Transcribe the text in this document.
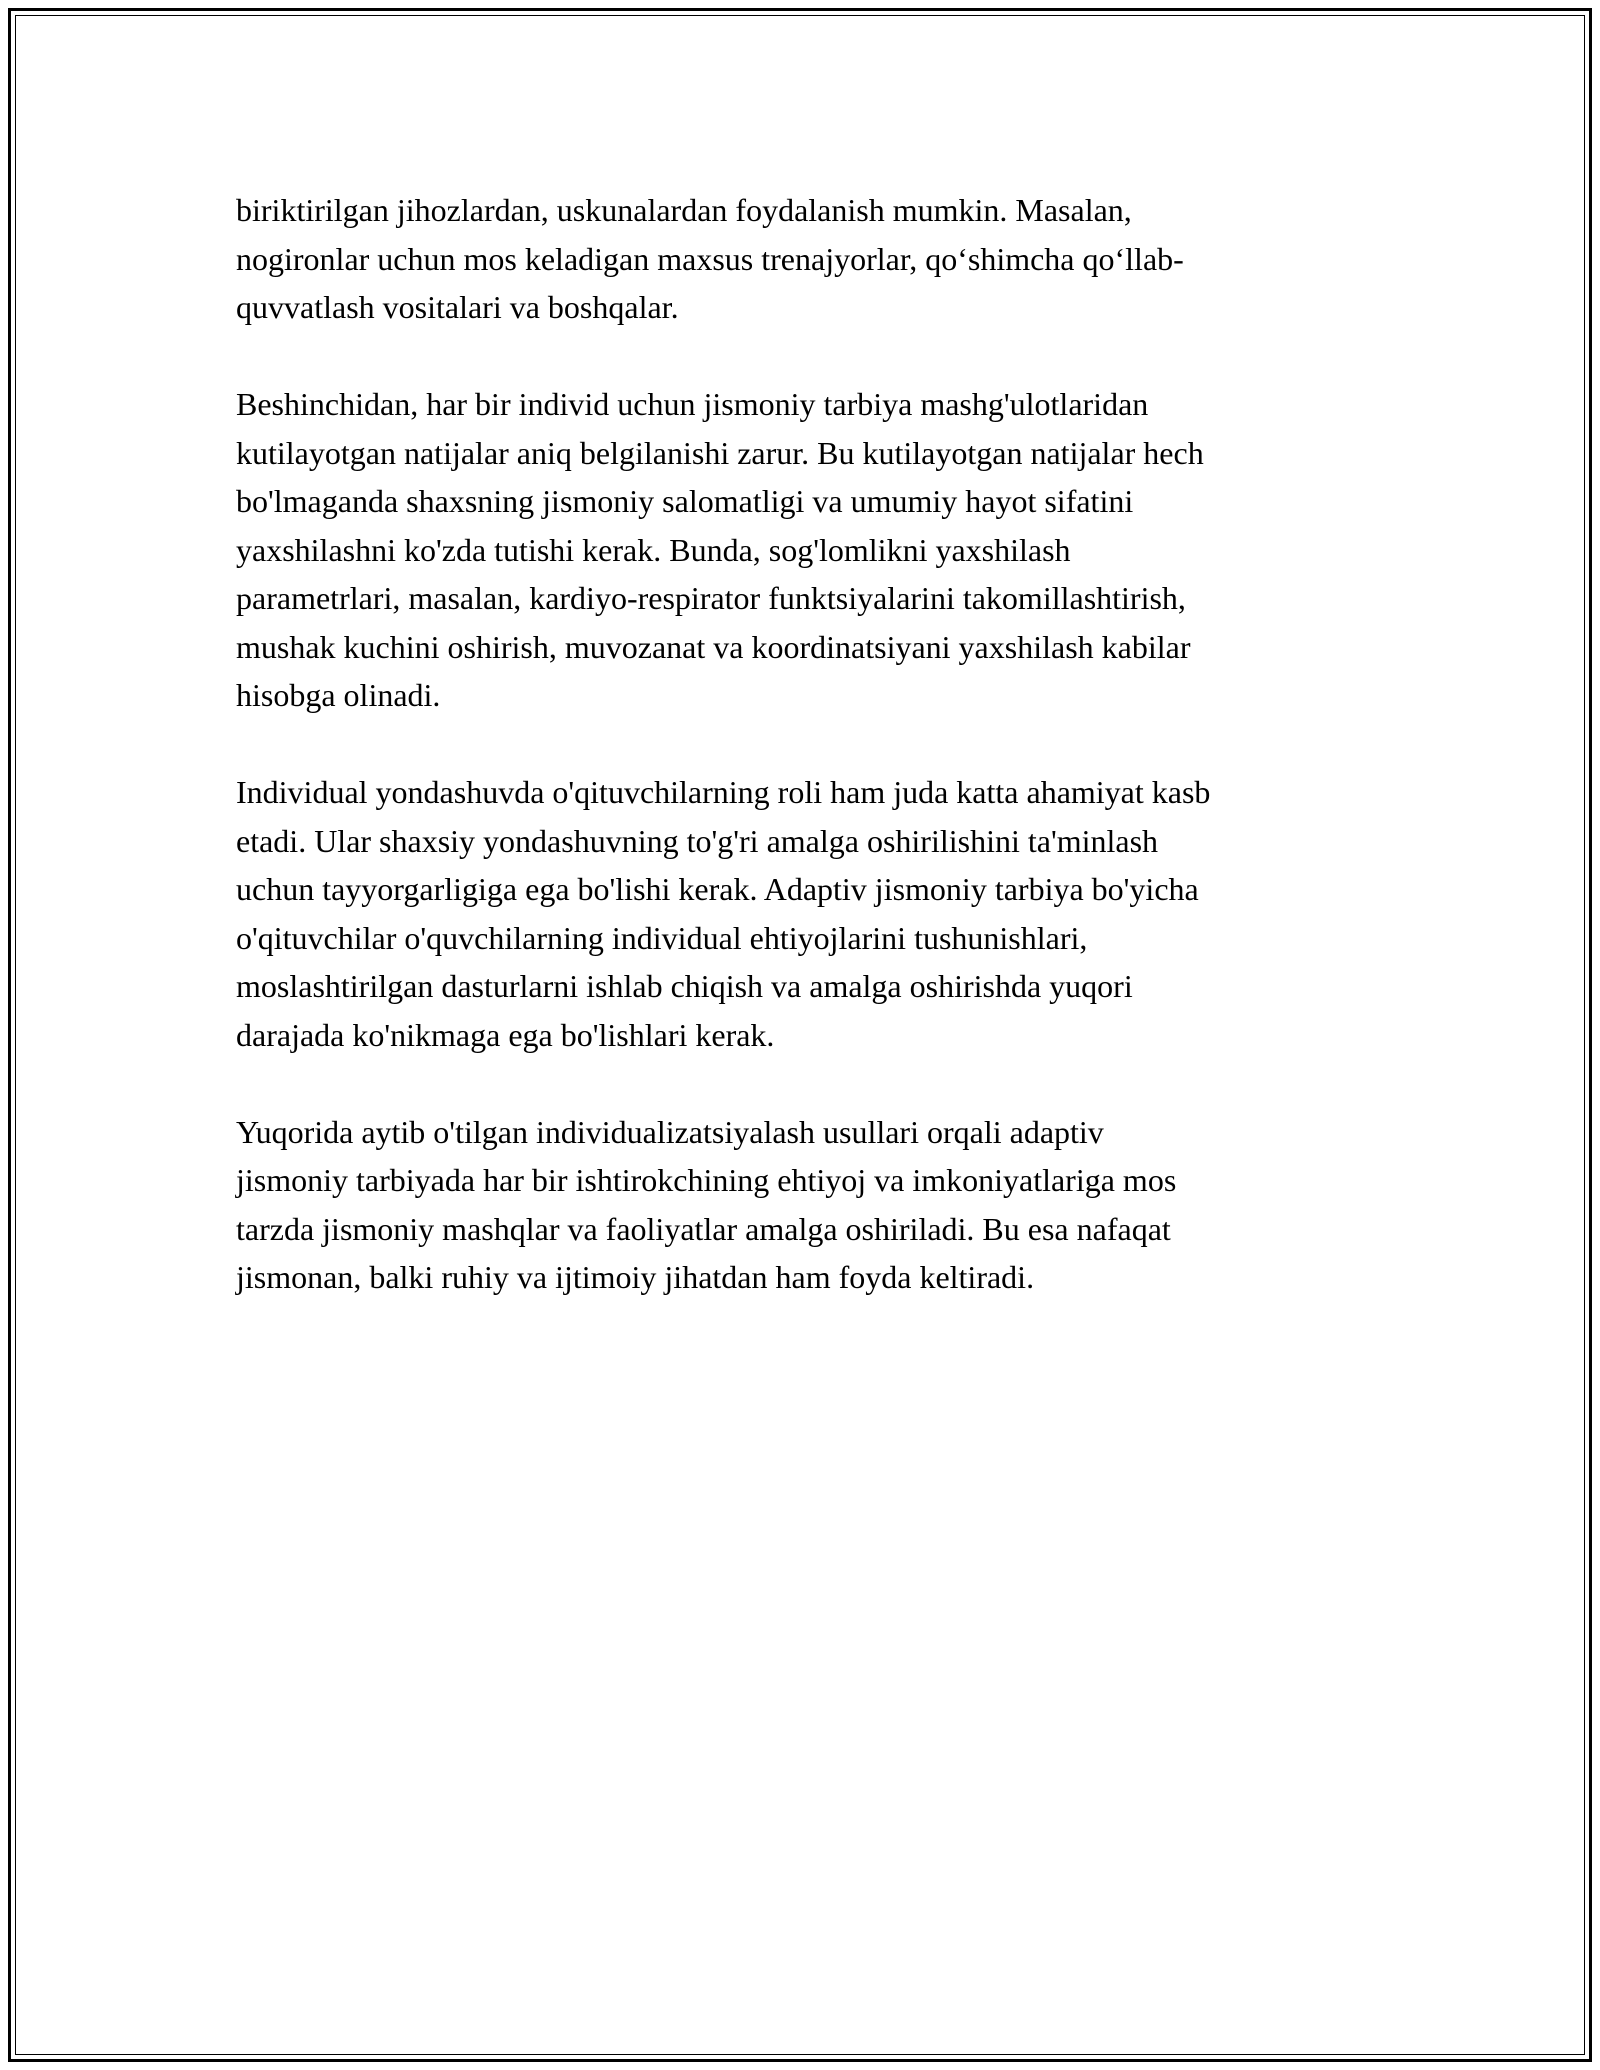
biriktirilgan jihozlardan, uskunalardan foydalanish mumkin. Masalan,
nogironlar uchun mos keladigan maxsus trenajyorlar, qo‘shimcha qo‘llab-
quvvatlash vositalari va boshqalar.

Beshinchidan, har bir individ uchun jismoniy tarbiya mashg'ulotlaridan
kutilayotgan natijalar aniq belgilanishi zarur. Bu kutilayotgan natijalar hech
bo'lmaganda shaxsning jismoniy salomatligi va umumiy hayot sifatini
yaxshilashni ko'zda tutishi kerak. Bunda, sog'lomlikni yaxshilash
parametrlari, masalan, kardiyo-respirator funktsiyalarini takomillashtirish,
mushak kuchini oshirish, muvozanat va koordinatsiyani yaxshilash kabilar
hisobga olinadi.

Individual yondashuvda o'qituvchilarning roli ham juda katta ahamiyat kasb
etadi. Ular shaxsiy yondashuvning to'g'ri amalga oshirilishini ta'minlash
uchun tayyorgarligiga ega bo'lishi kerak. Adaptiv jismoniy tarbiya bo'yicha
o'qituvchilar o'quvchilarning individual ehtiyojlarini tushunishlari,
moslashtirilgan dasturlarni ishlab chiqish va amalga oshirishda yuqori
darajada ko'nikmaga ega bo'lishlari kerak.

Yuqorida aytib o'tilgan individualizatsiyalash usullari orqali adaptiv
jismoniy tarbiyada har bir ishtirokchining ehtiyoj va imkoniyatlariga mos
tarzda jismoniy mashqlar va faoliyatlar amalga oshiriladi. Bu esa nafaqat
jismonan, balki ruhiy va ijtimoiy jihatdan ham foyda keltiradi.
